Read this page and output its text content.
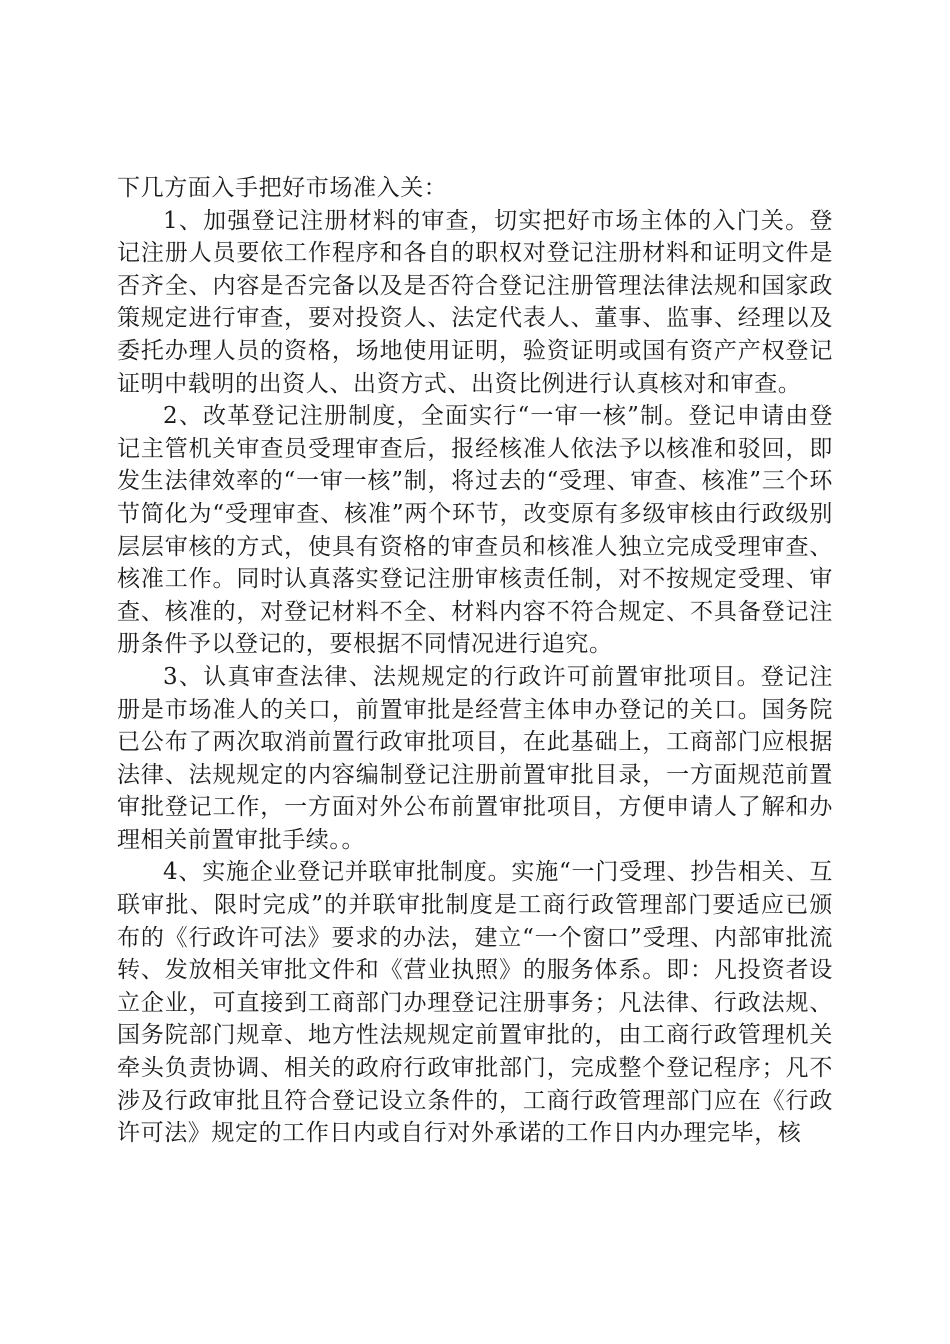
下几方面入手把好市场准入关：

1、加强登记注册材料的审查，切实把好市场主体的入门关。登记注册人员要依工作程序和各自的职权对登记注册材料和证明文件是否齐全、内容是否完备以及是否符合登记注册管理法律法规和国家政策规定进行审查，要对投资人、法定代表人、董事、监事、经理以及委托办理人员的资格，场地使用证明，验资证明或国有资产产权登记证明中载明的出资人、出资方式、出资比例进行认真核对和审查。

2、改革登记注册制度，全面实行“一审一核”制。登记申请由登记主管机关审查员受理审查后，报经核准人依法予以核准和驳回，即发生法律效率的“一审一核”制，将过去的“受理、审查、核准”三个环节简化为“受理审查、核准”两个环节，改变原有多级审核由行政级别层层审核的方式，使具有资格的审查员和核准人独立完成受理审查、核准工作。同时认真落实登记注册审核责任制，对不按规定受理、审查、核准的，对登记材料不全、材料内容不符合规定、不具备登记注册条件予以登记的，要根据不同情况进行追究。

3、认真审查法律、法规规定的行政许可前置审批项目。登记注册是市场准人的关口，前置审批是经营主体申办登记的关口。国务院已公布了两次取消前置行政审批项目，在此基础上，工商部门应根据法律、法规规定的内容编制登记注册前置审批目录，一方面规范前置审批登记工作，一方面对外公布前置审批项目，方便申请人了解和办理相关前置审批手续。。

4、实施企业登记并联审批制度。实施“一门受理、抄告相关、互联审批、限时完成”的并联审批制度是工商行政管理部门要适应已颁布的《行政许可法》要求的办法，建立“一个窗口”受理、内部审批流转、发放相关审批文件和《营业执照》的服务体系。即：凡投资者设立企业，可直接到工商部门办理登记注册事务；凡法律、行政法规、国务院部门规章、地方性法规规定前置审批的，由工商行政管理机关牵头负责协调、相关的政府行政审批部门，完成整个登记程序；凡不涉及行政审批且符合登记设立条件的，工商行政管理部门应在《行政许可法》规定的工作日内或自行对外承诺的工作日内办理完毕，核
